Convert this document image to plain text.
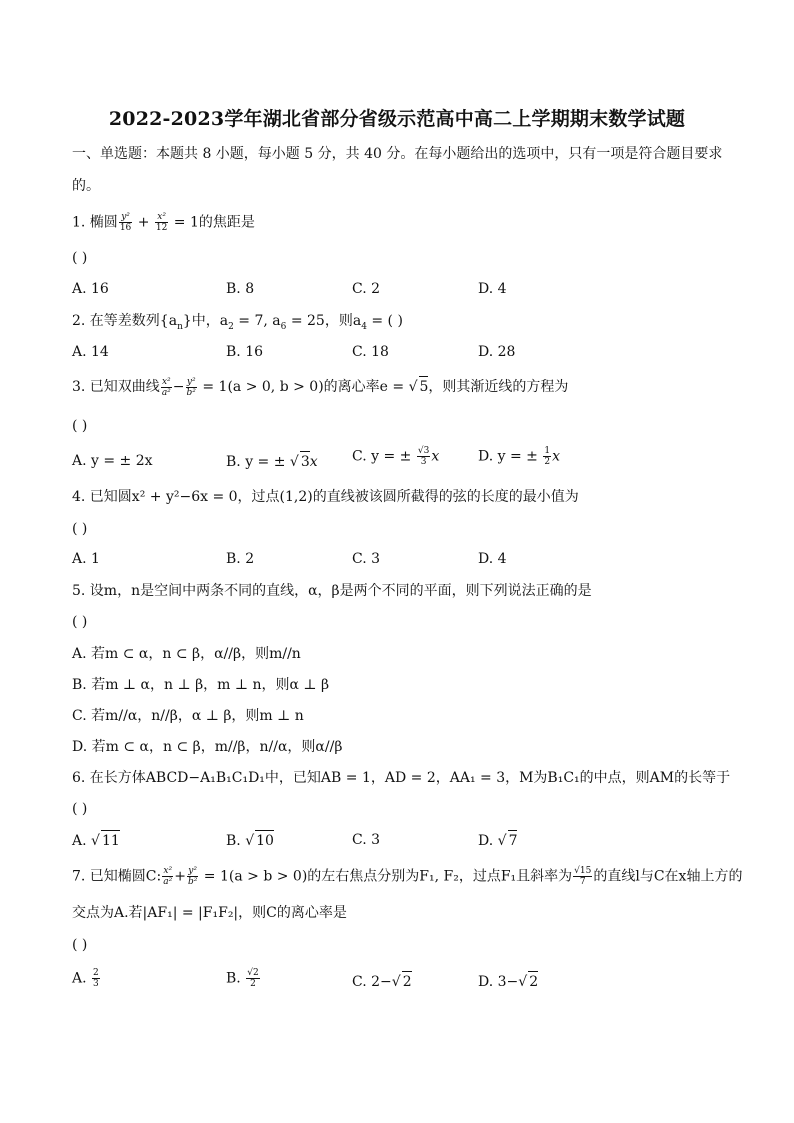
2022-2023学年湖北省部分省级示范高中高二上学期期末数学试题
一、单选题：本题共 8 小题，每小题 5 分，共 40 分。在每小题给出的选项中，只有一项是符合题目要求
的。
1. 椭圆 $\frac{\text{y²}}{16} + \frac{\text{x²}}{12} = 1$的焦距是
( )
A. 16	B. 8	C. 2	D. 4
2. 在等差数列$\{a_n\}$中，$a_2 = 7$, $a_6 = 25$，则$a_4$ = ( )
A. 14	B. 16	C. 18	D. 28
3. 已知双曲线 $\frac{\text{x²}}{\text{a²}} - \frac{\text{y²}}{\text{b²}} = 1(a > 0$, b > 0)的离心率e = √ 5，则其渐近线的方程为
( )
A. y = ± 2x	B. y = ± √ 3x C. y = ± $\frac{√3}{3}$ x	D. y = ± $\frac{1}{2}$ x
4. 已知圆x² + y²−6x = 0，过点(1,2)的直线被该圆所截得的弦的长度的最小值为
( )
A. 1	B. 2	C. 3	D. 4
5. 设m，n是空间中两条不同的直线，α，β是两个不同的平面，则下列说法正确的是
( )
A. 若m ⊂ α，n ⊂ β，α//β，则m//n
B. 若m ⊥ α，n ⊥ β，m ⊥ n，则α ⊥ β
C. 若m//α，n//β，α ⊥ β，则m ⊥ n
D. 若m ⊂ α，n ⊂ β，m//β，n//α，则α//β
6. 在长方体ABCD−A₁B₁C₁D₁中，已知AB = 1，AD = 2，AA₁ = 3，M为B₁C₁的中点，则AM的长等于
( )
A. √ 11	B. √ 10	C. 3	D. √ 7
7. 已知椭圆C: $\frac{\text{x²}}{\text{a²}} + \frac{\text{y²}}{\text{b²}} = 1(a > b > 0)$的左右焦点分别为F₁, F₂，过点F₁且斜率为 $\frac{√15}{7}$ 的直线l与C在x轴上方的
交点为A.若|AF₁| = |F₁F₂|，则C的离心率是
( )
A. $\frac{2}{3}$	B. $\frac{√2}{2}$	C. 2−√ 2	D. 3−√ 2
